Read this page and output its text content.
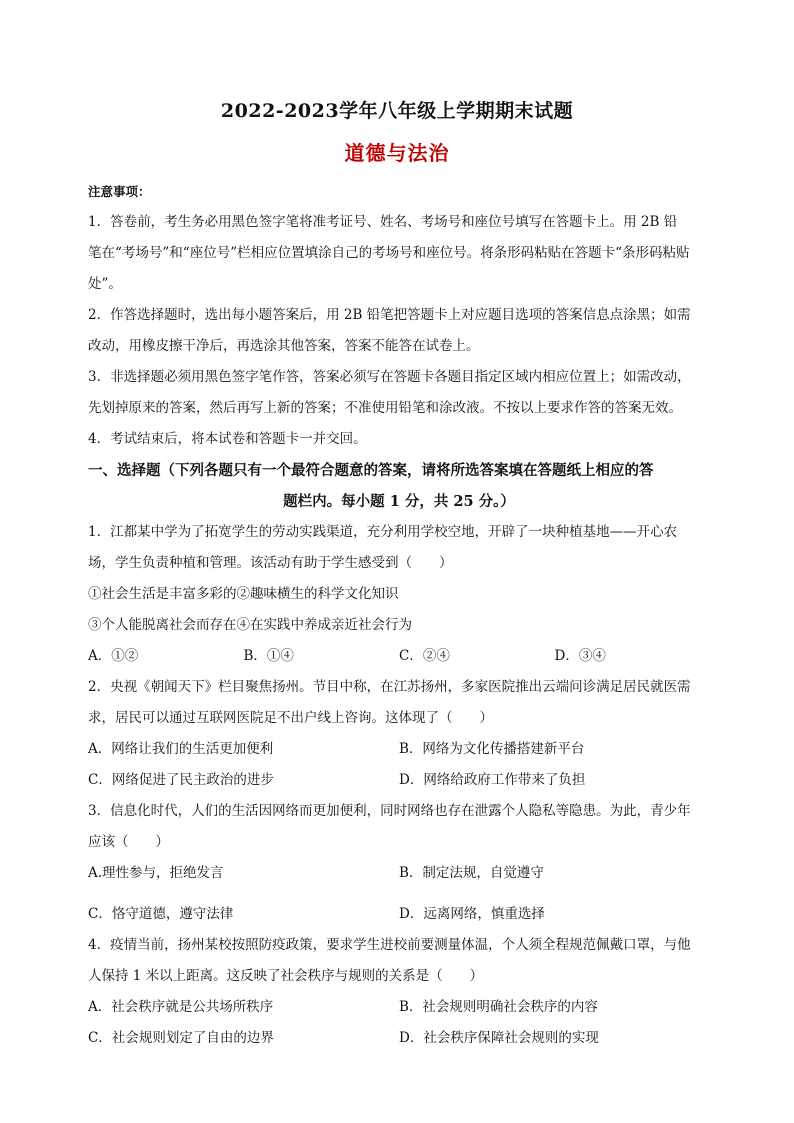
2022-2023学年八年级上学期期末试题
道德与法治
注意事项：
1．答卷前，考生务必用黑色签字笔将准考证号、姓名、考场号和座位号填写在答题卡上。用 2B 铅
笔在“考场号”和“座位号”栏相应位置填涂自己的考场号和座位号。将条形码粘贴在答题卡“条形码粘贴
处”。
2．作答选择题时，选出每小题答案后，用 2B 铅笔把答题卡上对应题目选项的答案信息点涂黑；如需
改动，用橡皮擦干净后，再选涂其他答案，答案不能答在试卷上。
3．非选择题必须用黑色签字笔作答，答案必须写在答题卡各题目指定区域内相应位置上；如需改动，
先划掉原来的答案，然后再写上新的答案；不准使用铅笔和涂改液。不按以上要求作答的答案无效。
4．考试结束后，将本试卷和答题卡一并交回。
一、选择题（下列各题只有一个最符合题意的答案，请将所选答案填在答题纸上相应的答
题栏内。每小题 1 分，共 25 分。）
1．江都某中学为了拓宽学生的劳动实践渠道，充分利用学校空地，开辟了一块种植基地——开心农
场，学生负责种植和管理。该活动有助于学生感受到（　　）
①社会生活是丰富多彩的②趣味横生的科学文化知识
③个人能脱离社会而存在④在实践中养成亲近社会行为
A．①②	B．①④	C．②④	D．③④
2．央视《朝闻天下》栏目聚焦扬州。节目中称，在江苏扬州，多家医院推出云端问诊满足居民就医需
求，居民可以通过互联网医院足不出户线上咨询。这体现了（　　）
A．网络让我们的生活更加便利	B．网络为文化传播搭建新平台
C．网络促进了民主政治的进步	D．网络给政府工作带来了负担
3．信息化时代，人们的生活因网络而更加便利，同时网络也存在泄露个人隐私等隐患。为此，青少年
应该（　　）
A.理性参与，拒绝发言	B．制定法规，自觉遵守
C．恪守道德，遵守法律	D．远离网络，慎重选择
4．疫情当前，扬州某校按照防疫政策，要求学生进校前要测量体温，个人须全程规范佩戴口罩，与他
人保持 1 米以上距离。这反映了社会秩序与规则的关系是（　　）
A．社会秩序就是公共场所秩序	B．社会规则明确社会秩序的内容
C．社会规则划定了自由的边界	D．社会秩序保障社会规则的实现
